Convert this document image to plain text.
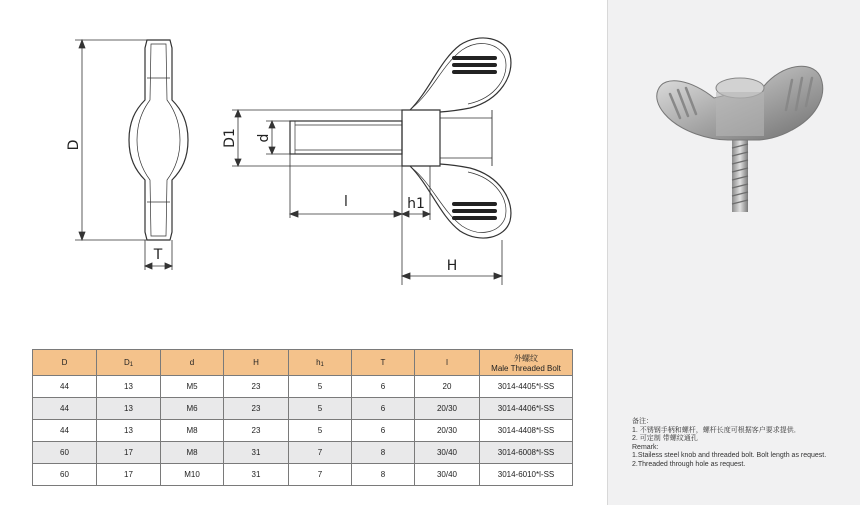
D
T
D1 d
l	h1
H
D	D1	d	H	h1	T	l	外螺纹
Male Threaded Bolt

44	13	M5	23	5	6	20	3014-4405*l-SS
44	13	M6	23	5	6	20/30	3014-4406*l-SS
44	13	M8	23	5	6	20/30	3014-4408*l-SS
60	17	M8	31	7	8	30/40	3014-6008*l-SS
60	17	M10	31	7	8	30/40	3014-6010*l-SS
备注：
1. 不锈钢手柄和螺杆，螺杆长度可根据客户要求提供．
2. 可定制 带螺纹通孔
Remark:
1.Stailess steel knob and threaded bolt. Bolt length as request.
2.Threaded through hole as request.
